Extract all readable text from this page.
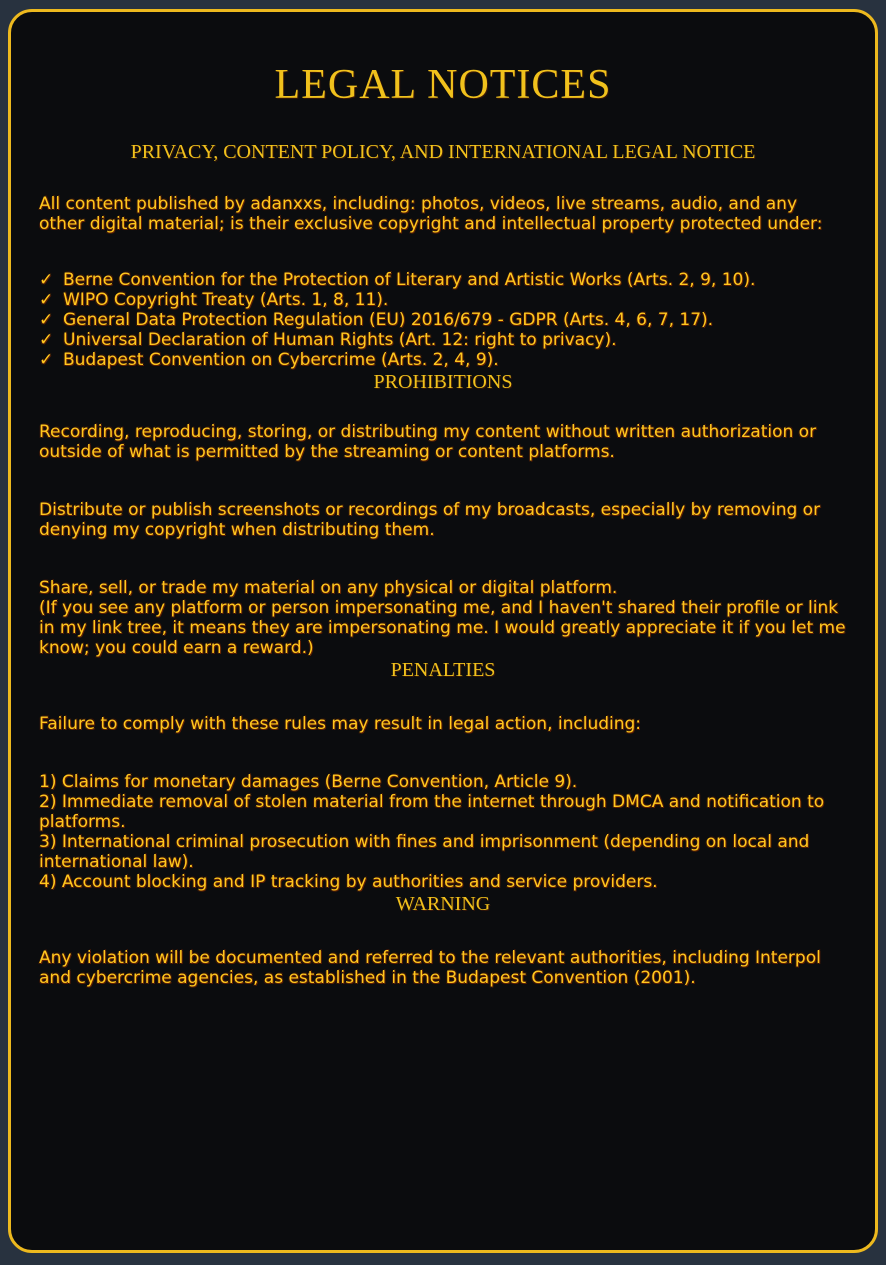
LEGAL NOTICES
PRIVACY, CONTENT POLICY, AND INTERNATIONAL LEGAL NOTICE

All content published by adanxxs, including: photos, videos, live streams, audio, and any other digital material; is their exclusive copyright and intellectual property protected under:

✓ Berne Convention for the Protection of Literary and Artistic Works (Arts. 2, 9, 10).
✓ WIPO Copyright Treaty (Arts. 1, 8, 11).
✓ General Data Protection Regulation (EU) 2016/679 - GDPR (Arts. 4, 6, 7, 17).
✓ Universal Declaration of Human Rights (Art. 12: right to privacy).
✓ Budapest Convention on Cybercrime (Arts. 2, 4, 9).
PROHIBITIONS

Recording, reproducing, storing, or distributing my content without written authorization or outside of what is permitted by the streaming or content platforms.

Distribute or publish screenshots or recordings of my broadcasts, especially by removing or denying my copyright when distributing them.

Share, sell, or trade my material on any physical or digital platform.
(If you see any platform or person impersonating me, and I haven't shared their profile or link in my link tree, it means they are impersonating me. I would greatly appreciate it if you let me know; you could earn a reward.)
PENALTIES

Failure to comply with these rules may result in legal action, including:

1) Claims for monetary damages (Berne Convention, Article 9).
2) Immediate removal of stolen material from the internet through DMCA and notification to platforms.
3) International criminal prosecution with fines and imprisonment (depending on local and international law).
4) Account blocking and IP tracking by authorities and service providers.
WARNING

Any violation will be documented and referred to the relevant authorities, including Interpol and cybercrime agencies, as established in the Budapest Convention (2001).
